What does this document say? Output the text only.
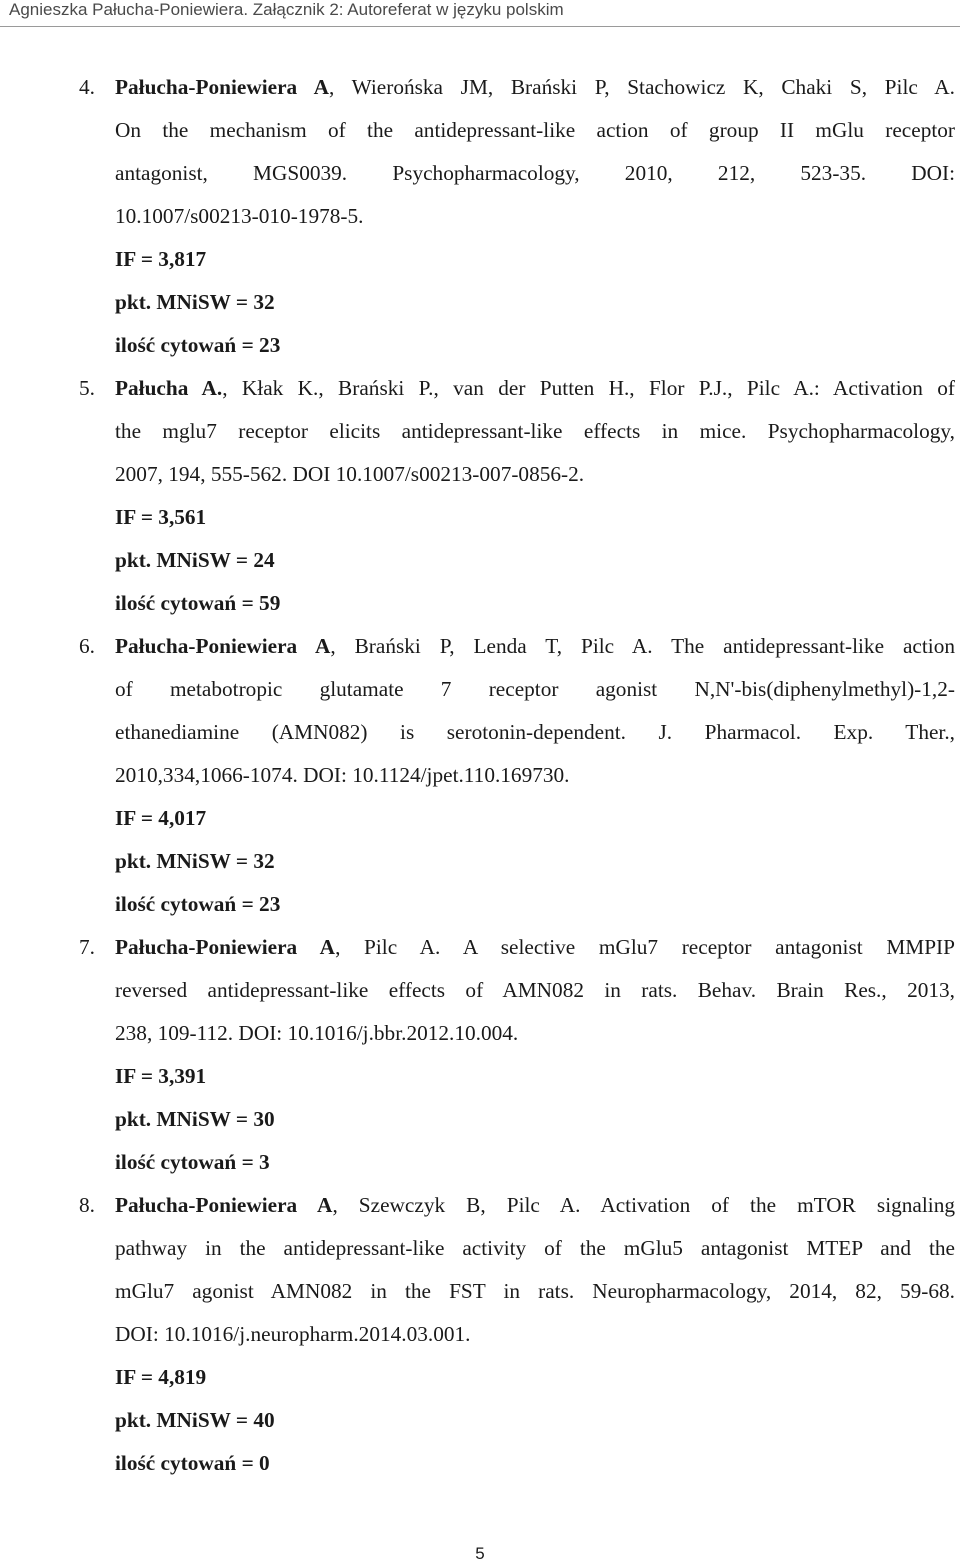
Agnieszka Pałucha-Poniewiera. Załącznik 2: Autoreferat w języku polskim
4. Pałucha-Poniewiera A, Wierońska JM, Brański P, Stachowicz K, Chaki S, Pilc A.
On the mechanism of the antidepressant-like action of group II mGlu receptor
antagonist, MGS0039. Psychopharmacology, 2010, 212, 523-35. DOI:
10.1007/s00213-010-1978-5.
IF = 3,817
pkt. MNiSW = 32
ilość cytowań = 23
5. Pałucha A., Kłak K., Brański P., van der Putten H., Flor P.J., Pilc A.: Activation of
the mglu7 receptor elicits antidepressant-like effects in mice. Psychopharmacology,
2007, 194, 555-562. DOI 10.1007/s00213-007-0856-2.
IF = 3,561
pkt. MNiSW = 24
ilość cytowań = 59
6. Pałucha-Poniewiera A, Brański P, Lenda T, Pilc A. The antidepressant-like action
of metabotropic glutamate 7 receptor agonist N,N'-bis(diphenylmethyl)-1,2-
ethanediamine (AMN082) is serotonin-dependent. J. Pharmacol. Exp. Ther.,
2010,334,1066-1074. DOI: 10.1124/jpet.110.169730.
IF = 4,017
pkt. MNiSW = 32
ilość cytowań = 23
7. Pałucha-Poniewiera A, Pilc A. A selective mGlu7 receptor antagonist MMPIP
reversed antidepressant-like effects of AMN082 in rats. Behav. Brain Res., 2013,
238, 109-112. DOI: 10.1016/j.bbr.2012.10.004.
IF = 3,391
pkt. MNiSW = 30
ilość cytowań = 3
8. Pałucha-Poniewiera A, Szewczyk B, Pilc A. Activation of the mTOR signaling
pathway in the antidepressant-like activity of the mGlu5 antagonist MTEP and the
mGlu7 agonist AMN082 in the FST in rats. Neuropharmacology, 2014, 82, 59-68.
DOI: 10.1016/j.neuropharm.2014.03.001.
IF = 4,819
pkt. MNiSW = 40
ilość cytowań = 0
5
